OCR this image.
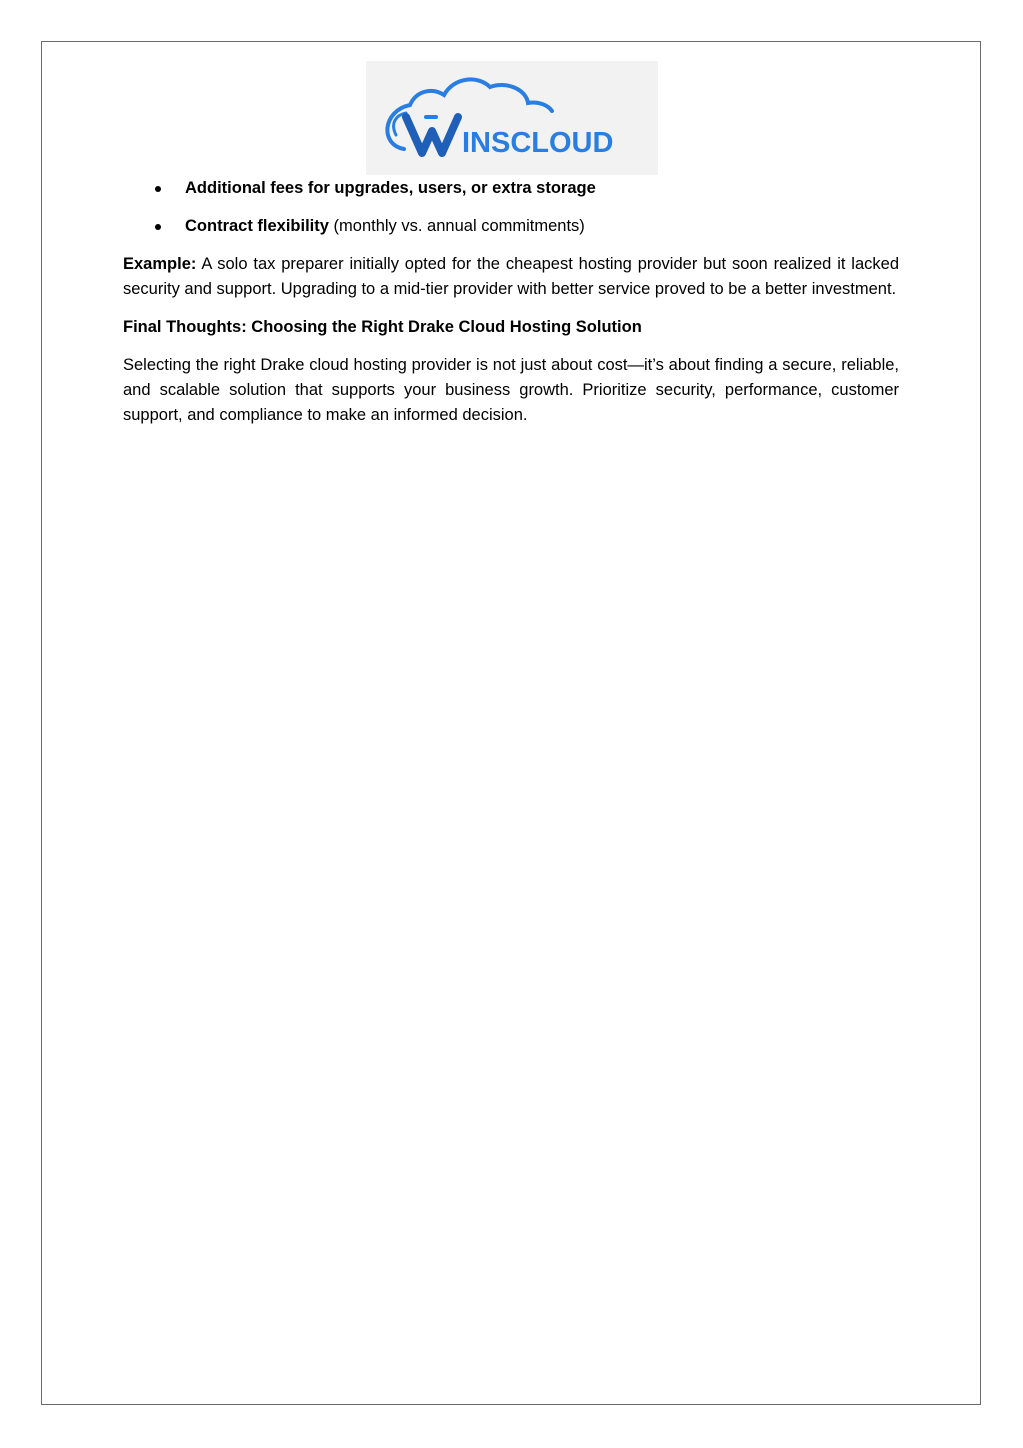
INSCLOUD
Additional fees for upgrades, users, or extra storage
Contract flexibility (monthly vs. annual commitments)

Example: A solo tax preparer initially opted for the cheapest hosting provider but soon realized it lacked security and support. Upgrading to a mid-tier provider with better service proved to be a better investment.

Final Thoughts: Choosing the Right Drake Cloud Hosting Solution

Selecting the right Drake cloud hosting provider is not just about cost—it’s about finding a secure, reliable, and scalable solution that supports your business growth. Prioritize security, performance, customer support, and compliance to make an informed decision.
